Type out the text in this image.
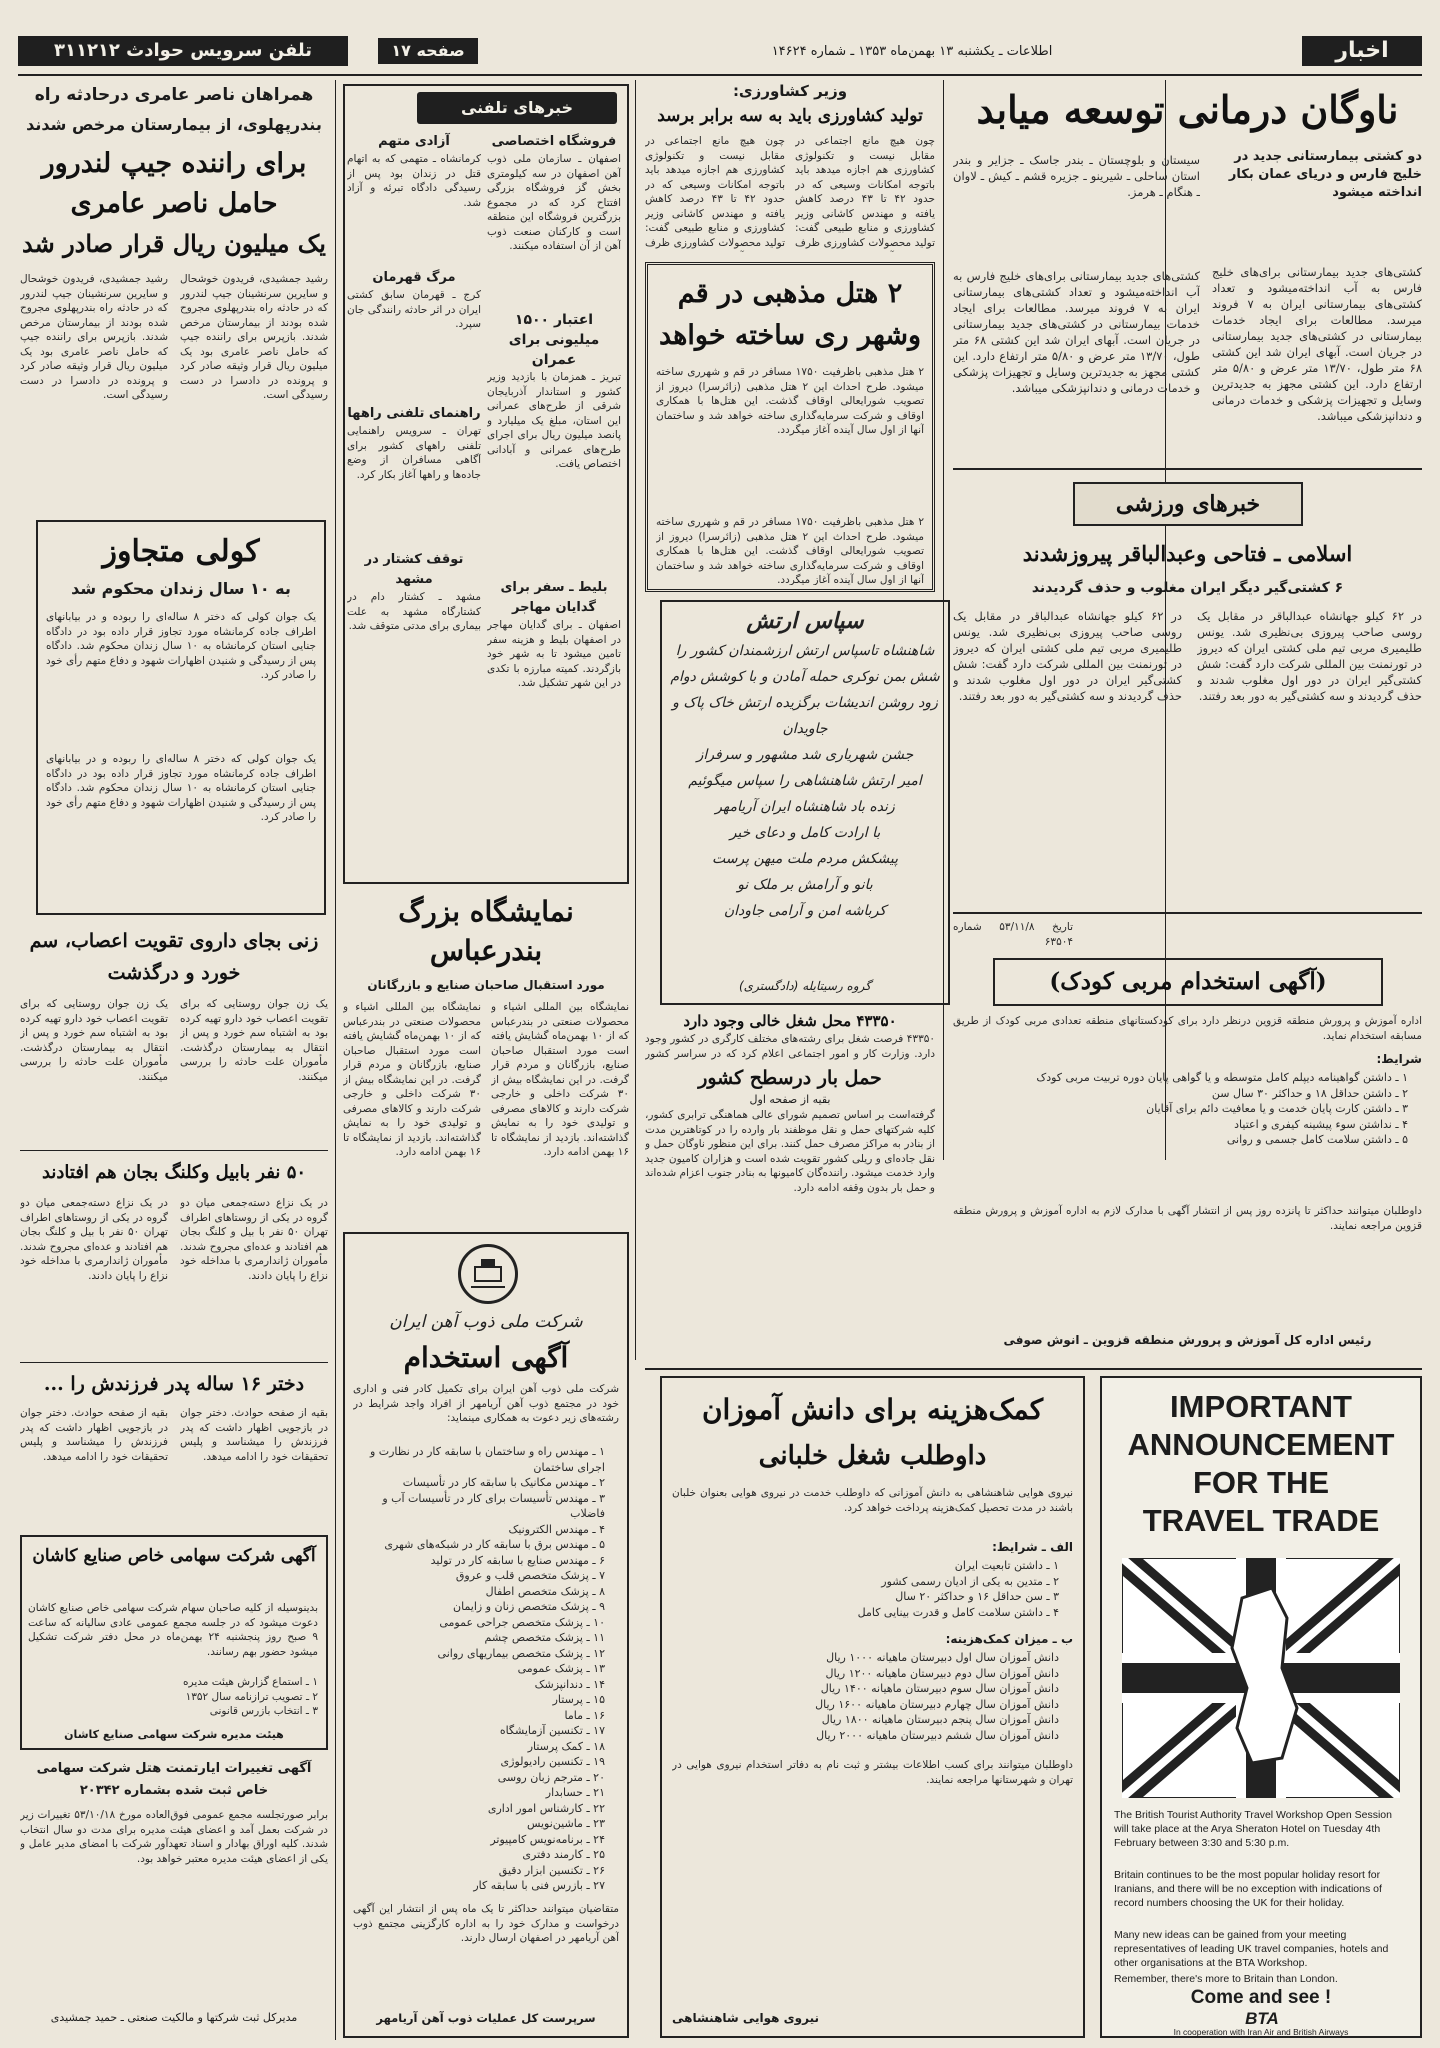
اخبار
اطلاعات ـ یکشنبه ۱۳ بهمن‌ماه ۱۳۵۳ ـ شماره ۱۴۶۲۴
صفحه ۱۷
تلفن سرویس حوادث ۳۱۱۲۱۲
ناوگان درمانی توسعه میابد
دو کشتی بیمارستانی جدید در خلیج فارس و دریای عمان بکار انداخته میشود
کشتی‌های جدید بیمارستانی برای‌های خلیج فارس به آب انداخته‌میشود و تعداد کشتی‌های بیمارستانی ایران به ۷ فروند میرسد. مطالعات برای ایجاد خدمات بیمارستانی در کشتی‌های جدید بیمارستانی در جریان است. آبهای ایران شد این کشتی ۶۸ متر طول، ۱۳/۷۰ متر عرض و ۵/۸۰ متر ارتفاع دارد. این کشتی مجهز به جدیدترین وسایل و تجهیزات پزشکی و خدمات درمانی و دندانپزشکی میباشد.
سیستان و بلوچستان ـ بندر جاسک ـ جزایر و بندر استان ساحلی ـ شیرینو ـ جزیره قشم ـ کیش ـ لاوان ـ هنگام ـ هرمز.
کشتی‌های جدید بیمارستانی برای‌های خلیج فارس به آب انداخته‌میشود و تعداد کشتی‌های بیمارستانی ایران به ۷ فروند میرسد. مطالعات برای ایجاد خدمات بیمارستانی در کشتی‌های جدید بیمارستانی در جریان است. آبهای ایران شد این کشتی ۶۸ متر طول، ۱۳/۷۰ متر عرض و ۵/۸۰ متر ارتفاع دارد. این کشتی مجهز به جدیدترین وسایل و تجهیزات پزشکی و خدمات درمانی و دندانپزشکی میباشد.
خبرهای ورزشی
اسلامی ـ فتاحی وعبدالباقر پیروزشدند
۶ کشتی‌گیر دیگر ایران مغلوب و حذف گردیدند
در ۶۲ کیلو جهانشاه عبدالباقر در مقابل یک روسی صاحب پیروزی بی‌نظیری شد. یونس طلیمیری مربی تیم ملی کشتی ایران که دیروز در تورنمنت بین المللی شرکت دارد گفت: شش کشتی‌گیر ایران در دور اول مغلوب شدند و حذف گردیدند و سه کشتی‌گیر به دور بعد رفتند.
در ۶۲ کیلو جهانشاه عبدالباقر در مقابل یک روسی صاحب پیروزی بی‌نظیری شد. یونس طلیمیری مربی تیم ملی کشتی ایران که دیروز در تورنمنت بین المللی شرکت دارد گفت: شش کشتی‌گیر ایران در دور اول مغلوب شدند و حذف گردیدند و سه کشتی‌گیر به دور بعد رفتند.
وزیر کشاورزی:
تولید کشاورزی باید به سه برابر برسد
چون هیچ مانع اجتماعی در مقابل نیست و تکنولوژی کشاورزی هم اجازه میدهد باید باتوجه امکانات وسیعی که در حدود ۴۲ تا ۴۳ درصد کاهش یافته و مهندس کاشانی وزیر کشاورزی و منابع طبیعی گفت: تولید محصولات کشاورزی ظرف
چون هیچ مانع اجتماعی در مقابل نیست و تکنولوژی کشاورزی هم اجازه میدهد باید باتوجه امکانات وسیعی که در حدود ۴۲ تا ۴۳ درصد کاهش یافته و مهندس کاشانی وزیر کشاورزی و منابع طبیعی گفت: تولید محصولات کشاورزی ظرف
۲ هتل مذهبی در قم وشهر ری ساخته خواهد
۲ هتل مذهبی باظرفیت ۱۷۵۰ مسافر در قم و شهرری ساخته میشود. طرح احداث این ۲ هتل مذهبی (زائرسرا) دیروز از تصویب شورایعالی اوقاف گذشت. این هتل‌ها با همکاری اوقاف و شرکت سرمایه‌گذاری ساخته خواهد شد و ساختمان آنها از اول سال آینده آغاز میگردد.
۲ هتل مذهبی باظرفیت ۱۷۵۰ مسافر در قم و شهرری ساخته میشود. طرح احداث این ۲ هتل مذهبی (زائرسرا) دیروز از تصویب شورایعالی اوقاف گذشت. این هتل‌ها با همکاری اوقاف و شرکت سرمایه‌گذاری ساخته خواهد شد و ساختمان آنها از اول سال آینده آغاز میگردد.
سپاس ارتش
شاهنشاه تاسپاس ارتش ارزشمندان کشور را
شش بمن نوکری حمله آمادن و با کوشش دوام
زود روشن اندیشات برگزیده ارتش خاک پاک و جاویدان
جشن شهریاری شد مشهور و سرفراز
امیر ارتش شاهنشاهی را سپاس میگوئیم
زنده باد شاهنشاه ایران آریامهر
با ارادت کامل و دعای خیر
پیشکش مردم ملت میهن پرست
بانو و آرامش بر ملک نو
کرباشه امن و آرامی جاودان
گروه رسیتایله (دادگستری)
خبرهای تلفنی
فروشگاه اختصاصی
اصفهان ـ سازمان ملی ذوب آهن اصفهان در سه کیلومتری بخش گز فروشگاه بزرگی افتتاح کرد که در مجموع بزرگترین فروشگاه این منطقه است و کارکنان صنعت ذوب آهن از آن استفاده میکنند.
اعتبار ۱۵۰۰ میلیونی برای عمران
تبریز ـ همزمان با بازدید وزیر کشور و استاندار آذربایجان شرقی از طرح‌های عمرانی این استان، مبلغ یک میلیارد و پانصد میلیون ریال برای اجرای طرح‌های عمرانی و آبادانی اختصاص یافت.
بلیط ـ سفر برای گدایان مهاجر
اصفهان ـ برای گدایان مهاجر در اصفهان بلیط و هزینه سفر تامین میشود تا به شهر خود بازگردند. کمیته مبارزه با تکدی در این شهر تشکیل شد.
آزادی متهم
کرمانشاه ـ متهمی که به اتهام قتل در زندان بود پس از رسیدگی دادگاه تبرئه و آزاد شد.
مرگ قهرمان
کرج ـ قهرمان سابق کشتی ایران در اثر حادثه رانندگی جان سپرد.
راهنمای تلفنی راهها
تهران ـ سرویس راهنمایی تلفنی راههای کشور برای آگاهی مسافران از وضع جاده‌ها و راهها آغاز بکار کرد.
توقف کشتار در مشهد
مشهد ـ کشتار دام در کشتارگاه مشهد به علت بیماری برای مدتی متوقف شد.
نمایشگاه بزرگ
بندرعباس
مورد استقبال صاحبان صنایع و بازرگانان
نمایشگاه بین المللی اشیاء و محصولات صنعتی در بندرعباس که از ۱۰ بهمن‌ماه گشایش یافته است مورد استقبال صاحبان صنایع، بازرگانان و مردم قرار گرفت. در این نمایشگاه بیش از ۳۰ شرکت داخلی و خارجی شرکت دارند و کالاهای مصرفی و تولیدی خود را به نمایش گذاشته‌اند. بازدید از نمایشگاه تا ۱۶ بهمن ادامه دارد.
نمایشگاه بین المللی اشیاء و محصولات صنعتی در بندرعباس که از ۱۰ بهمن‌ماه گشایش یافته است مورد استقبال صاحبان صنایع، بازرگانان و مردم قرار گرفت. در این نمایشگاه بیش از ۳۰ شرکت داخلی و خارجی شرکت دارند و کالاهای مصرفی و تولیدی خود را به نمایش گذاشته‌اند. بازدید از نمایشگاه تا ۱۶ بهمن ادامه دارد.
همراهان ناصر عامری درحادثه راه
بندرپهلوی، از بیمارستان مرخص شدند
برای راننده جیپ لندرور
حامل ناصر عامری
یک میلیون ریال قرار صادر شد
رشید جمشیدی، فریدون خوشحال و سایرین سرنشینان جیپ لندرور که در حادثه راه بندرپهلوی مجروح شده بودند از بیمارستان مرخص شدند. بازپرس برای راننده جیپ که حامل ناصر عامری بود یک میلیون ریال قرار وثیقه صادر کرد و پرونده در دادسرا در دست رسیدگی است.
رشید جمشیدی، فریدون خوشحال و سایرین سرنشینان جیپ لندرور که در حادثه راه بندرپهلوی مجروح شده بودند از بیمارستان مرخص شدند. بازپرس برای راننده جیپ که حامل ناصر عامری بود یک میلیون ریال قرار وثیقه صادر کرد و پرونده در دادسرا در دست رسیدگی است.
کولی متجاوز
به ۱۰ سال زندان محکوم شد
یک جوان کولی که دختر ۸ ساله‌ای را ربوده و در بیابانهای اطراف جاده کرمانشاه مورد تجاوز قرار داده بود در دادگاه جنایی استان کرمانشاه به ۱۰ سال زندان محکوم شد. دادگاه پس از رسیدگی و شنیدن اظهارات شهود و دفاع متهم رأی خود را صادر کرد.
یک جوان کولی که دختر ۸ ساله‌ای را ربوده و در بیابانهای اطراف جاده کرمانشاه مورد تجاوز قرار داده بود در دادگاه جنایی استان کرمانشاه به ۱۰ سال زندان محکوم شد. دادگاه پس از رسیدگی و شنیدن اظهارات شهود و دفاع متهم رأی خود را صادر کرد.
زنی بجای داروی تقویت اعصاب، سم خورد و درگذشت
یک زن جوان روستایی که برای تقویت اعصاب خود دارو تهیه کرده بود به اشتباه سم خورد و پس از انتقال به بیمارستان درگذشت. مأموران علت حادثه را بررسی میکنند.
یک زن جوان روستایی که برای تقویت اعصاب خود دارو تهیه کرده بود به اشتباه سم خورد و پس از انتقال به بیمارستان درگذشت. مأموران علت حادثه را بررسی میکنند.
۵۰ نفر بابیل وکلنگ بجان هم افتادند
در یک نزاع دسته‌جمعی میان دو گروه در یکی از روستاهای اطراف تهران ۵۰ نفر با بیل و کلنگ بجان هم افتادند و عده‌ای مجروح شدند. مأموران ژاندارمری با مداخله خود نزاع را پایان دادند.
در یک نزاع دسته‌جمعی میان دو گروه در یکی از روستاهای اطراف تهران ۵۰ نفر با بیل و کلنگ بجان هم افتادند و عده‌ای مجروح شدند. مأموران ژاندارمری با مداخله خود نزاع را پایان دادند.
دختر ۱۶ ساله پدر فرزندش را ...
بقیه از صفحه حوادث. دختر جوان در بازجویی اظهار داشت که پدر فرزندش را میشناسد و پلیس تحقیقات خود را ادامه میدهد.
بقیه از صفحه حوادث. دختر جوان در بازجویی اظهار داشت که پدر فرزندش را میشناسد و پلیس تحقیقات خود را ادامه میدهد.
آگهی شرکت سهامی خاص صنایع کاشان
بدینوسیله از کلیه صاحبان سهام شرکت سهامی خاص صنایع کاشان دعوت میشود که در جلسه مجمع عمومی عادی سالیانه که ساعت ۹ صبح روز پنجشنبه ۲۴ بهمن‌ماه در محل دفتر شرکت تشکیل میشود حضور بهم رسانند.
۱ ـ استماع گزارش هیئت مدیره
۲ ـ تصویب ترازنامه سال ۱۳۵۲
۳ ـ انتخاب بازرس قانونی
هیئت مدیره شرکت سهامی صنایع کاشان
آگهی تغییرات ایارتمنت هتل شرکت سهامی خاص ثبت شده بشماره ۲۰۳۴۲
برابر صورتجلسه مجمع عمومی فوق‌العاده مورخ ۵۳/۱۰/۱۸ تغییرات زیر در شرکت بعمل آمد و اعضای هیئت مدیره برای مدت دو سال انتخاب شدند. کلیه اوراق بهادار و اسناد تعهدآور شرکت با امضای مدیر عامل و یکی از اعضای هیئت مدیره معتبر خواهد بود.
مدیرکل ثبت شرکتها و مالکیت صنعتی ـ حمید جمشیدی
شرکت ملی ذوب آهن ایران
آگهی استخدام
شرکت ملی ذوب آهن ایران برای تکمیل کادر فنی و اداری خود در مجتمع ذوب آهن آریامهر از افراد واجد شرایط در رشته‌های زیر دعوت به همکاری مینماید:
۱ ـ مهندس راه و ساختمان با سابقه کار در نظارت و اجرای ساختمان
۲ ـ مهندس مکانیک با سابقه کار در تأسیسات
۳ ـ مهندس تأسیسات برای کار در تأسیسات آب و فاضلاب
۴ ـ مهندس الکترونیک
۵ ـ مهندس برق با سابقه کار در شبکه‌های شهری
۶ ـ مهندس صنایع با سابقه کار در تولید
۷ ـ پزشک متخصص قلب و عروق
۸ ـ پزشک متخصص اطفال
۹ ـ پزشک متخصص زنان و زایمان
۱۰ ـ پزشک متخصص جراحی عمومی
۱۱ ـ پزشک متخصص چشم
۱۲ ـ پزشک متخصص بیماریهای روانی
۱۳ ـ پزشک عمومی
۱۴ ـ دندانپزشک
۱۵ ـ پرستار
۱۶ ـ ماما
۱۷ ـ تکنسین آزمایشگاه
۱۸ ـ کمک پرستار
۱۹ ـ تکنسین رادیولوژی
۲۰ ـ مترجم زبان روسی
۲۱ ـ حسابدار
۲۲ ـ کارشناس امور اداری
۲۳ ـ ماشین‌نویس
۲۴ ـ برنامه‌نویس کامپیوتر
۲۵ ـ کارمند دفتری
۲۶ ـ تکنسین ابزار دقیق
۲۷ ـ بازرس فنی با سابقه کار
متقاضیان میتوانند حداکثر تا یک ماه پس از انتشار این آگهی درخواست و مدارک خود را به اداره کارگزینی مجتمع ذوب آهن آریامهر در اصفهان ارسال دارند.
سرپرست کل عملیات ذوب آهن آریامهر
تاریخ ۵۳/۱۱/۸ شماره ۶۳۵۰۴
(آگهی استخدام مربی کودک)
اداره آموزش و پرورش منطقه قزوین درنظر دارد برای کودکستانهای منطقه تعدادی مربی کودک از طریق مسابقه استخدام نماید.
شرایط:
۱ ـ داشتن گواهینامه دیپلم کامل متوسطه و یا گواهی پایان دوره تربیت مربی کودک
۲ ـ داشتن حداقل ۱۸ و حداکثر ۳۰ سال سن
۳ ـ داشتن کارت پایان خدمت و یا معافیت دائم برای آقایان
۴ ـ نداشتن سوء پیشینه کیفری و اعتیاد
۵ ـ داشتن سلامت کامل جسمی و روانی
داوطلبان میتوانند حداکثر تا پانزده روز پس از انتشار آگهی با مدارک لازم به اداره آموزش و پرورش منطقه قزوین مراجعه نمایند.
رئیس اداره کل آموزش و پرورش منطقه قزوین ـ انوش صوفی
کمک‌هزینه برای دانش آموزان
داوطلب شغل خلبانی
نیروی هوایی شاهنشاهی به دانش آموزانی که داوطلب خدمت در نیروی هوایی بعنوان خلبان باشند در مدت تحصیل کمک‌هزینه پرداخت خواهد کرد.
الف ـ شرایط:
۱ ـ داشتن تابعیت ایران
۲ ـ متدین به یکی از ادیان رسمی کشور
۳ ـ سن حداقل ۱۶ و حداکثر ۲۰ سال
۴ ـ داشتن سلامت کامل و قدرت بینایی کامل
ب ـ میزان کمک‌هزینه:
دانش آموزان سال اول دبیرستان ماهیانه ۱۰۰۰ ریال
دانش آموزان سال دوم دبیرستان ماهیانه ۱۲۰۰ ریال
دانش آموزان سال سوم دبیرستان ماهیانه ۱۴۰۰ ریال
دانش آموزان سال چهارم دبیرستان ماهیانه ۱۶۰۰ ریال
دانش آموزان سال پنجم دبیرستان ماهیانه ۱۸۰۰ ریال
دانش آموزان سال ششم دبیرستان ماهیانه ۲۰۰۰ ریال
داوطلبان میتوانند برای کسب اطلاعات بیشتر و ثبت نام به دفاتر استخدام نیروی هوایی در تهران و شهرستانها مراجعه نمایند.
نیروی هوایی شاهنشاهی
IMPORTANT
ANNOUNCEMENT
FOR THE
TRAVEL TRADE
The British Tourist Authority Travel Workshop Open Session will take place at the Arya Sheraton Hotel on Tuesday 4th February between 3:30 and 5:30 p.m.
Britain continues to be the most popular holiday resort for Iranians, and there will be no exception with indications of record numbers choosing the UK for their holiday.
Many new ideas can be gained from your meeting representatives of leading UK travel companies, hotels and other organisations at the BTA Workshop.
Remember, there's more to Britain than London.
Come and see !
BTA
In cooperation with Iran Air and British Airways
۴۳۳۵۰ محل شغل خالی وجود دارد
۴۳۳۵۰ فرصت شغل برای رشته‌های مختلف کارگری در کشور وجود دارد. وزارت کار و امور اجتماعی اعلام کرد که در سراسر کشور
حمل بار درسطح کشور
بقیه از صفحه اول
گرفته‌است بر اساس تصمیم شورای عالی هماهنگی ترابری کشور، کلیه شرکتهای حمل و نقل موظفند بار وارده را در کوتاهترین مدت از بنادر به مراکز مصرف حمل کنند. برای این منظور ناوگان حمل و نقل جاده‌ای و ریلی کشور تقویت شده است و هزاران کامیون جدید وارد خدمت میشود. راننده‌گان کامیونها به بنادر جنوب اعزام شده‌اند و حمل بار بدون وقفه ادامه دارد.
